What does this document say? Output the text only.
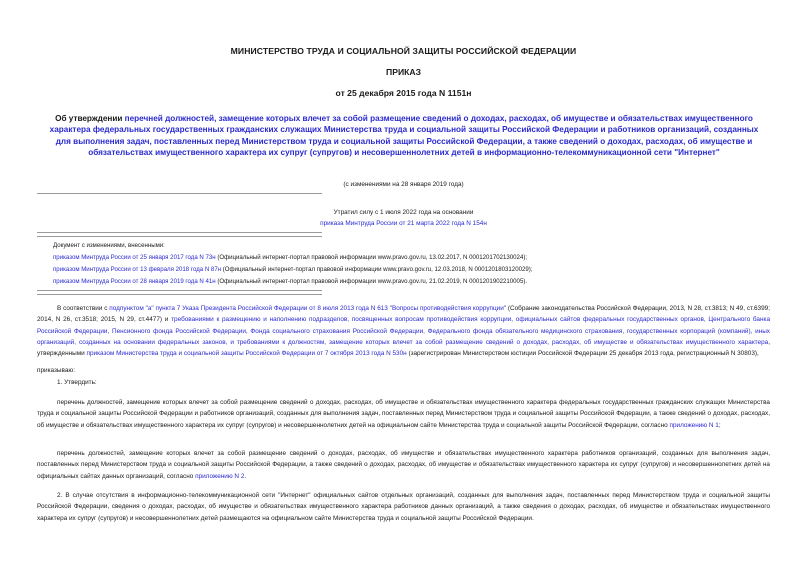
МИНИСТЕРСТВО ТРУДА И СОЦИАЛЬНОЙ ЗАЩИТЫ РОССИЙСКОЙ ФЕДЕРАЦИИ
ПРИКАЗ
от 25 декабря 2015 года N 1151н
Об утверждении перечней должностей, замещение которых влечет за собой размещение сведений о доходах, расходах, об имуществе и обязательствах имущественного характера федеральных государственных гражданских служащих Министерства труда и социальной защиты Российской Федерации и работников организаций, созданных для выполнения задач, поставленных перед Министерством труда и социальной защиты Российской Федерации, а также сведений о доходах, расходах, об имуществе и обязательствах имущественного характера их супруг (супругов) и несовершеннолетних детей в информационно-телекоммуникационной сети "Интернет"
(с изменениями на 28 января 2019 года)
Утратил силу с 1 июля 2022 года на основании
приказа Минтруда России от 21 марта 2022 года N 154н
Документ с изменениями, внесенными:
приказом Минтруда России от 25 января 2017 года N 73н (Официальный интернет-портал правовой информации www.pravo.gov.ru, 13.02.2017, N 0001201702130024);
приказом Минтруда России от 13 февраля 2018 года N 87н (Официальный интернет-портал правовой информации www.pravo.gov.ru, 12.03.2018, N 0001201803120029);
приказом Минтруда России от 28 января 2019 года N 41н (Официальный интернет-портал правовой информации www.pravo.gov.ru, 21.02.2019, N 0001201902210005).
В соответствии с подпунктом "а" пункта 7 Указа Президента Российской Федерации от 8 июля 2013 года N 613 "Вопросы противодействия коррупции" (Собрание законодательства Российской Федерации, 2013, N 28, ст.3813; N 49, ст.6399; 2014, N 26, ст.3518; 2015, N 29, ст.4477) и требованиями к размещению и наполнению подразделов, посвященных вопросам противодействия коррупции, официальных сайтов федеральных государственных органов, Центрального банка Российской Федерации, Пенсионного фонда Российской Федерации, Фонда социального страхования Российской Федерации, Федерального фонда обязательного медицинского страхования, государственных корпораций (компаний), иных организаций, созданных на основании федеральных законов, и требованиями к должностям, замещение которых влечет за собой размещение сведений о доходах, расходах, об имуществе и обязательствах имущественного характера, утвержденными приказом Министерства труда и социальной защиты Российской Федерации от 7 октября 2013 года N 530н (зарегистрирован Министерством юстиции Российской Федерации 25 декабря 2013 года, регистрационный N 30803),
приказываю:
1. Утвердить:
перечень должностей, замещение которых влечет за собой размещение сведений о доходах, расходах, об имуществе и обязательствах имущественного характера федеральных государственных гражданских служащих Министерства труда и социальной защиты Российской Федерации и работников организаций, созданных для выполнения задач, поставленных перед Министерством труда и социальной защиты Российской Федерации, а также сведений о доходах, расходах, об имуществе и обязательствах имущественного характера их супруг (супругов) и несовершеннолетних детей на официальном сайте Министерства труда и социальной защиты Российской Федерации, согласно приложению N 1;
перечень должностей, замещение которых влечет за собой размещение сведений о доходах, расходах, об имуществе и обязательствах имущественного характера работников организаций, созданных для выполнения задач, поставленных перед Министерством труда и социальной защиты Российской Федерации, а также сведений о доходах, расходах, об имуществе и обязательствах имущественного характера их супруг (супругов) и несовершеннолетних детей на официальных сайтах данных организаций, согласно приложению N 2.
2. В случае отсутствия в информационно-телекоммуникационной сети "Интернет" официальных сайтов отдельных организаций, созданных для выполнения задач, поставленных перед Министерством труда и социальной защиты Российской Федерации, сведения о доходах, расходах, об имуществе и обязательствах имущественного характера работников данных организаций, а также сведения о доходах, расходах, об имуществе и обязательствах имущественного характера их супруг (супругов) и несовершеннолетних детей размещаются на официальном сайте Министерства труда и социальной защиты Российской Федерации.
